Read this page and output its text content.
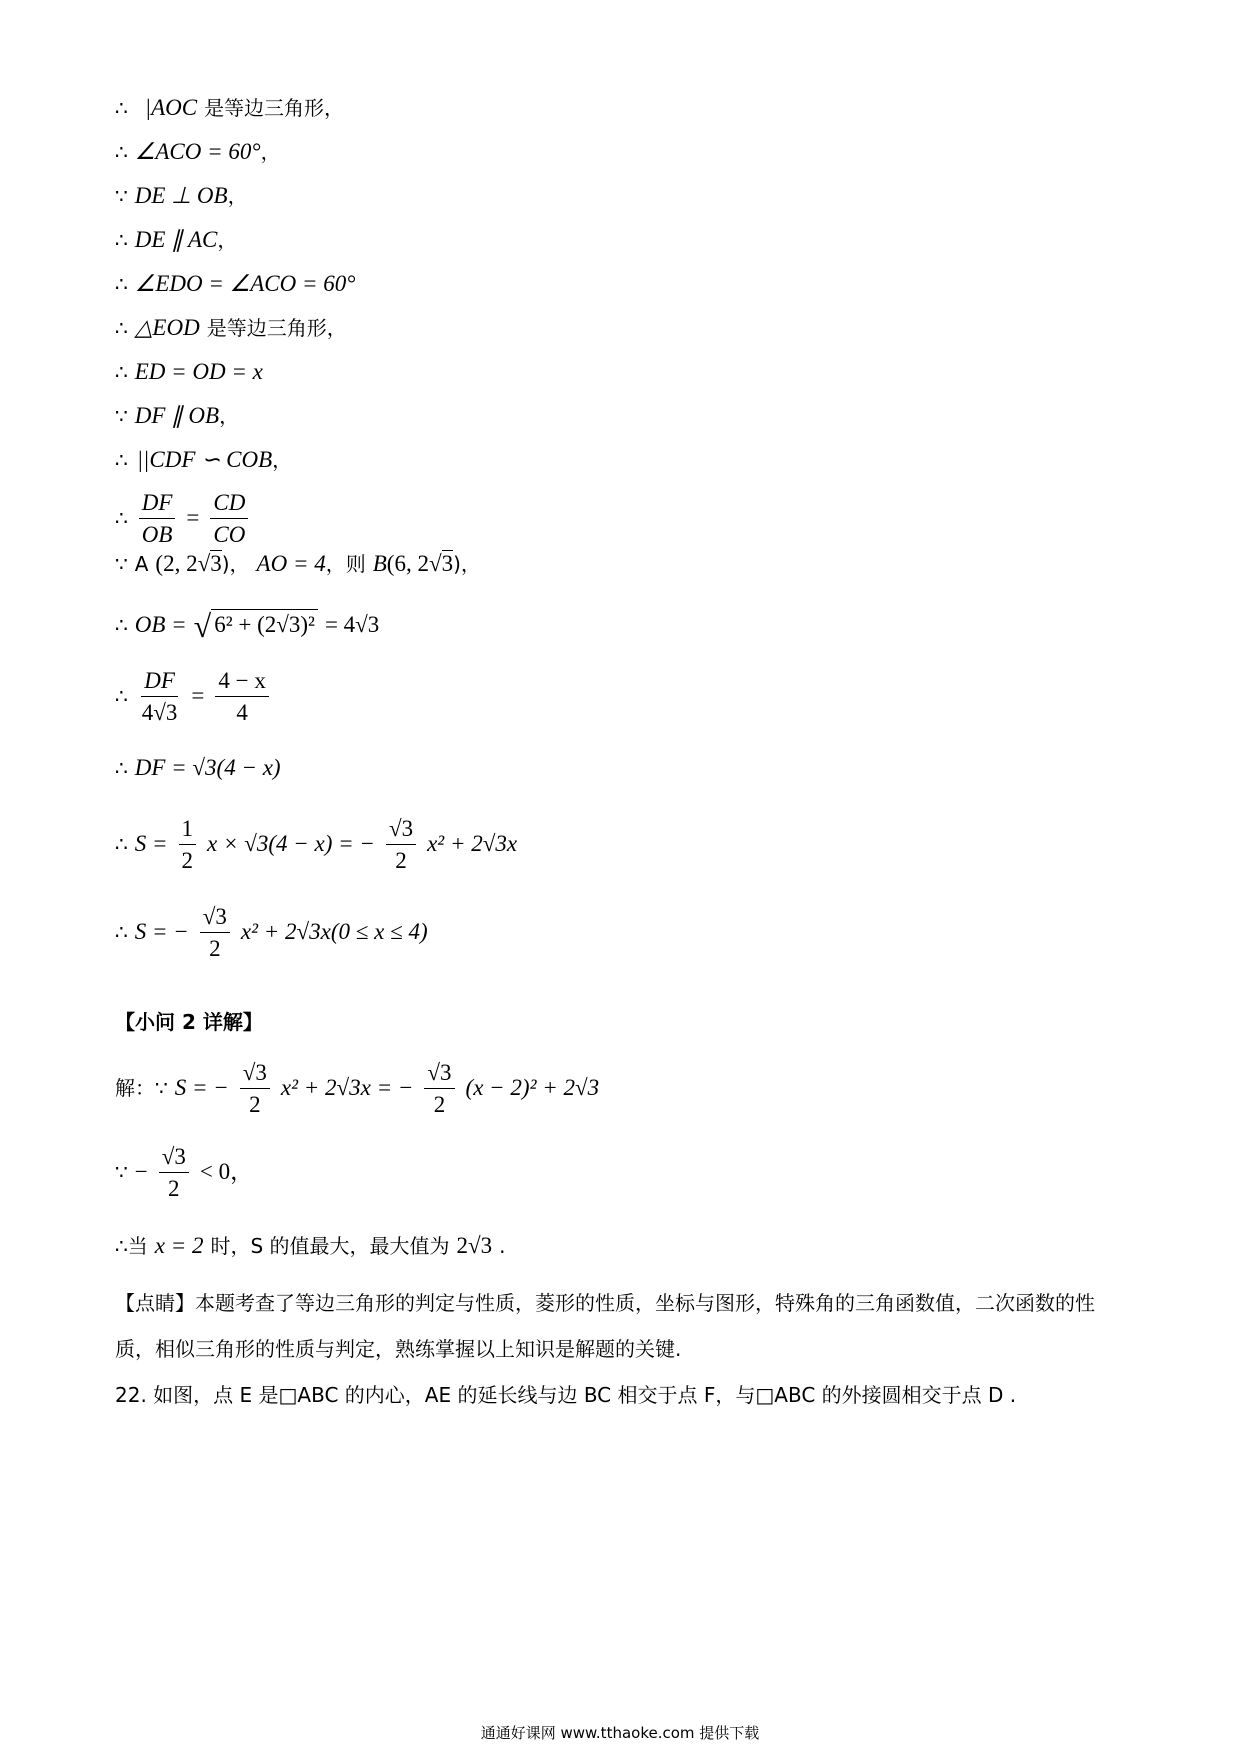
∴ |AOC 是等边三角形，
∴ ∠ACO = 60°，
∵ DE ⊥ OB，
∴ DE ∥ AC，
∴ ∠EDO = ∠ACO = 60°
∴ △EOD 是等边三角形，
∴ ED = OD = x
∵ DF ∥ OB，
∴ ||CDF ∽ COB，
∴ $\frac{DF}{OB} = \frac{CD}{CO}$
∵ A (2, 2√3)， AO = 4，则 B(6, 2√3)，
∴ OB = √ 6² + (2√3)² = 4√3
∴ $\frac{DF}{4√3} = \frac{4 - x}{4}$
∴ DF = √3(4 − x)
∴ $S = \frac{1}{2}$ x × √3(4 − x) = − $\frac{√3}{2} x^2 + 2√3x$
∴ S = − $\frac{√3}{2} x^2 + 2√3x(0 \le x \le 4)$
【小问 2 详解】
解：∵ S = − $\frac{√3}{2} x^2 + 2√3x$ = − $\frac{√3}{2} (x - 2)^2 + 2√3$
∵ − $\frac{√3}{2} < 0$，
∴当 x = 2 时，S 的值最大，最大值为 2√3 .
【点睛】本题考查了等边三角形的判定与性质，菱形的性质，坐标与图形，特殊角的三角函数值，二次函数的性质，相似三角形的性质与判定，熟练掌握以上知识是解题的关键.
22. 如图，点 E 是□ABC 的内心，AE 的延长线与边 BC 相交于点 F，与□ABC 的外接圆相交于点 D .
通通好课网 www.tthaoke.com 提供下载
